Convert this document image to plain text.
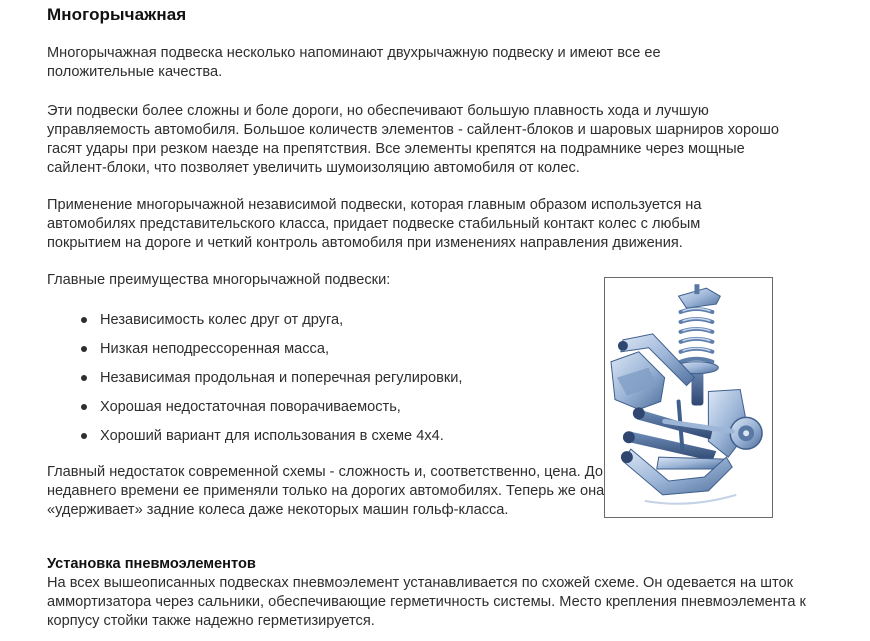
Многорычажная

Многорычажная подвеска несколько напоминают двухрычажную подвеску и имеют все ее положительные качества.

Эти подвески более сложны и боле дороги, но обеспечивают большую плавность хода и лучшую управляемость автомобиля. Большое количеств элементов - сайлент-блоков и шаровых шарниров хорошо гасят удары при резком наезде на препятствия. Все элементы крепятся на подрамнике через мощные сайлент-блоки, что позволяет увеличить шумоизоляцию автомобиля от колес.

Применение многорычажной независимой подвески, которая главным образом используется на автомобилях представительского класса, придает подвеске стабильный контакт колес с любым покрытием на дороге и четкий контроль автомобиля при изменениях направления движения.

Главные преимущества многорычажной подвески:

Независимость колес друг от друга,
Низкая неподрессоренная масса,
Независимая продольная и поперечная регулировки,
Хорошая недостаточная поворачиваемость,
Хороший вариант для использования в схеме 4х4.

Главный недостаток современной схемы - сложность и, соответственно, цена. До недавнего времени ее применяли только на дорогих автомобилях. Теперь же она «удерживает» задние колеса даже некоторых машин гольф-класса.

Установка пневмоэлементов

На всех вышеописанных подвесках пневмоэлемент устанавливается по схожей схеме. Он одевается на шток аммортизатора через сальники, обеспечивающие герметичность системы. Место крепления пневмоэлемента к корпусу стойки также надежно герметизируется.
